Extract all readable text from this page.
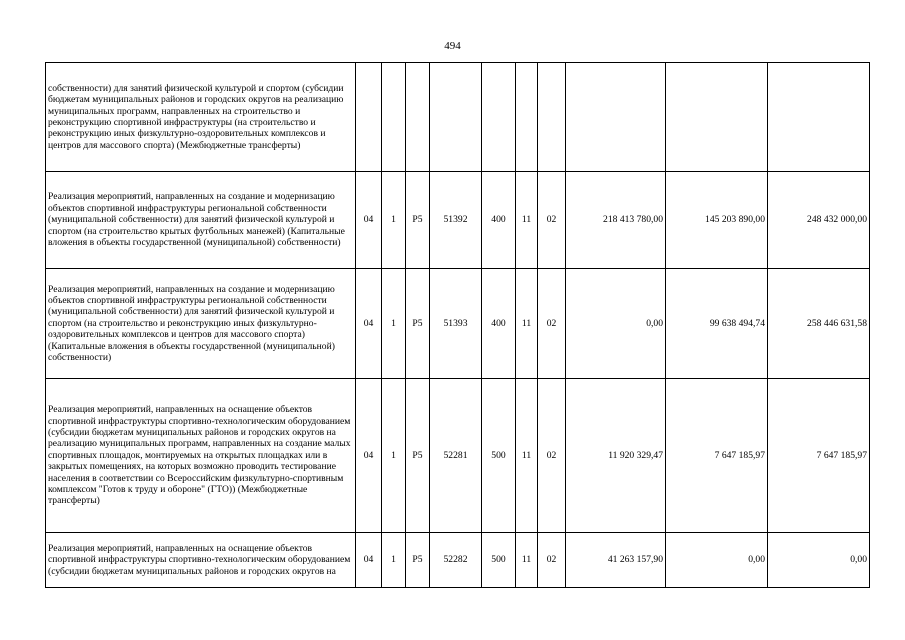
494
собственности) для занятий физической культурой и спортом (субсидии бюджетам муниципальных районов и городских округов на реализацию муниципальных программ, направленных на строительство и реконструкцию спортивной инфраструктуры (на строительство и реконструкцию иных физкультурно-оздоровительных комплексов и центров для массового спорта) (Межбюджетные трансферты)										
Реализация мероприятий, направленных на создание и модернизацию объектов спортивной инфраструктуры региональной собственности (муниципальной собственности) для занятий физической культурой и спортом (на строительство крытых футбольных манежей) (Капитальные вложения в объекты государственной (муниципальной) собственности)	04	1	P5	51392	400	11	02	218 413 780,00	145 203 890,00	248 432 000,00
Реализация мероприятий, направленных на создание и модернизацию объектов спортивной инфраструктуры региональной собственности (муниципальной собственности) для занятий физической культурой и спортом (на строительство и реконструкцию иных физкультурно-оздоровительных комплексов и центров для массового спорта) (Капитальные вложения в объекты государственной (муниципальной) собственности)	04	1	P5	51393	400	11	02	0,00	99 638 494,74	258 446 631,58
Реализация мероприятий, направленных на оснащение объектов спортивной инфраструктуры спортивно-технологическим оборудованием (субсидии бюджетам муниципальных районов и городских округов на реализацию муниципальных программ, направленных на создание малых спортивных площадок, монтируемых на открытых площадках или в закрытых помещениях, на которых возможно проводить тестирование населения в соответствии со Всероссийским физкультурно-спортивным комплексом "Готов к труду и обороне" (ГТО)) (Межбюджетные трансферты)	04	1	P5	52281	500	11	02	11 920 329,47	7 647 185,97	7 647 185,97
Реализация мероприятий, направленных на оснащение объектов спортивной инфраструктуры спортивно-технологическим оборудованием (субсидии бюджетам муниципальных районов и городских округов на	04	1	P5	52282	500	11	02	41 263 157,90	0,00	0,00
